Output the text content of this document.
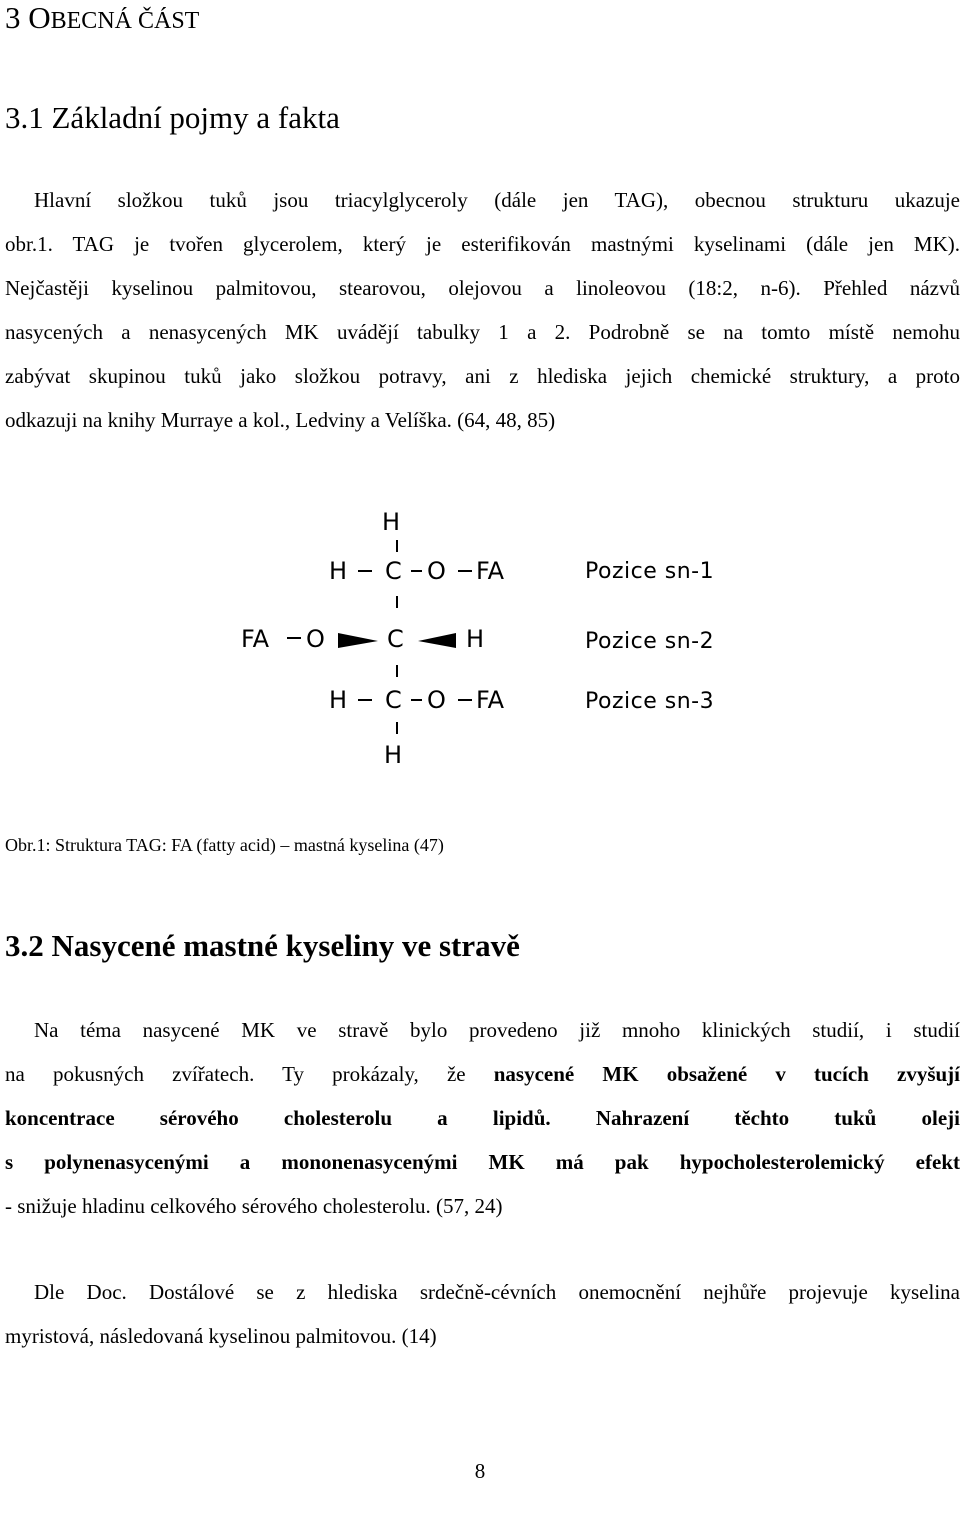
3 OBECNÁ ČÁST
3.1 Základní pojmy a fakta
Hlavní složkou tuků jsou triacylglyceroly (dále jen TAG), obecnou strukturu ukazuje
obr.1. TAG je tvořen glycerolem, který je esterifikován mastnými kyselinami (dále jen MK).
Nejčastěji kyselinou palmitovou, stearovou, olejovou a linoleovou (18:2, n-6). Přehled názvů
nasycených a nenasycených MK uvádějí tabulky 1 a 2. Podrobně se na tomto místě nemohu
zabývat skupinou tuků jako složkou potravy, ani z hlediska jejich chemické struktury, a proto
odkazuji na knihy Murraye a kol., Ledviny a Velíška. (64, 48, 85)
H
H C O FA
FA O	C	H
H C O FA
H
Pozice sn-1
Pozice sn-2
Pozice sn-3
Obr.1: Struktura TAG: FA (fatty acid) – mastná kyselina (47)
3.2 Nasycené mastné kyseliny ve stravě
Na téma nasycené MK ve stravě bylo provedeno již mnoho klinických studií, i studií
na pokusných zvířatech. Ty prokázaly, že nasycené MK obsažené v tucích zvyšují
koncentrace sérového cholesterolu a lipidů. Nahrazení těchto tuků oleji
s polynenasycenými a mononenasycenými MK má pak hypocholesterolemický efekt
- snižuje hladinu celkového sérového cholesterolu. (57, 24)
Dle Doc. Dostálové se z hlediska srdečně-cévních onemocnění nejhůře projevuje kyselina
myristová, následovaná kyselinou palmitovou. (14)
8
